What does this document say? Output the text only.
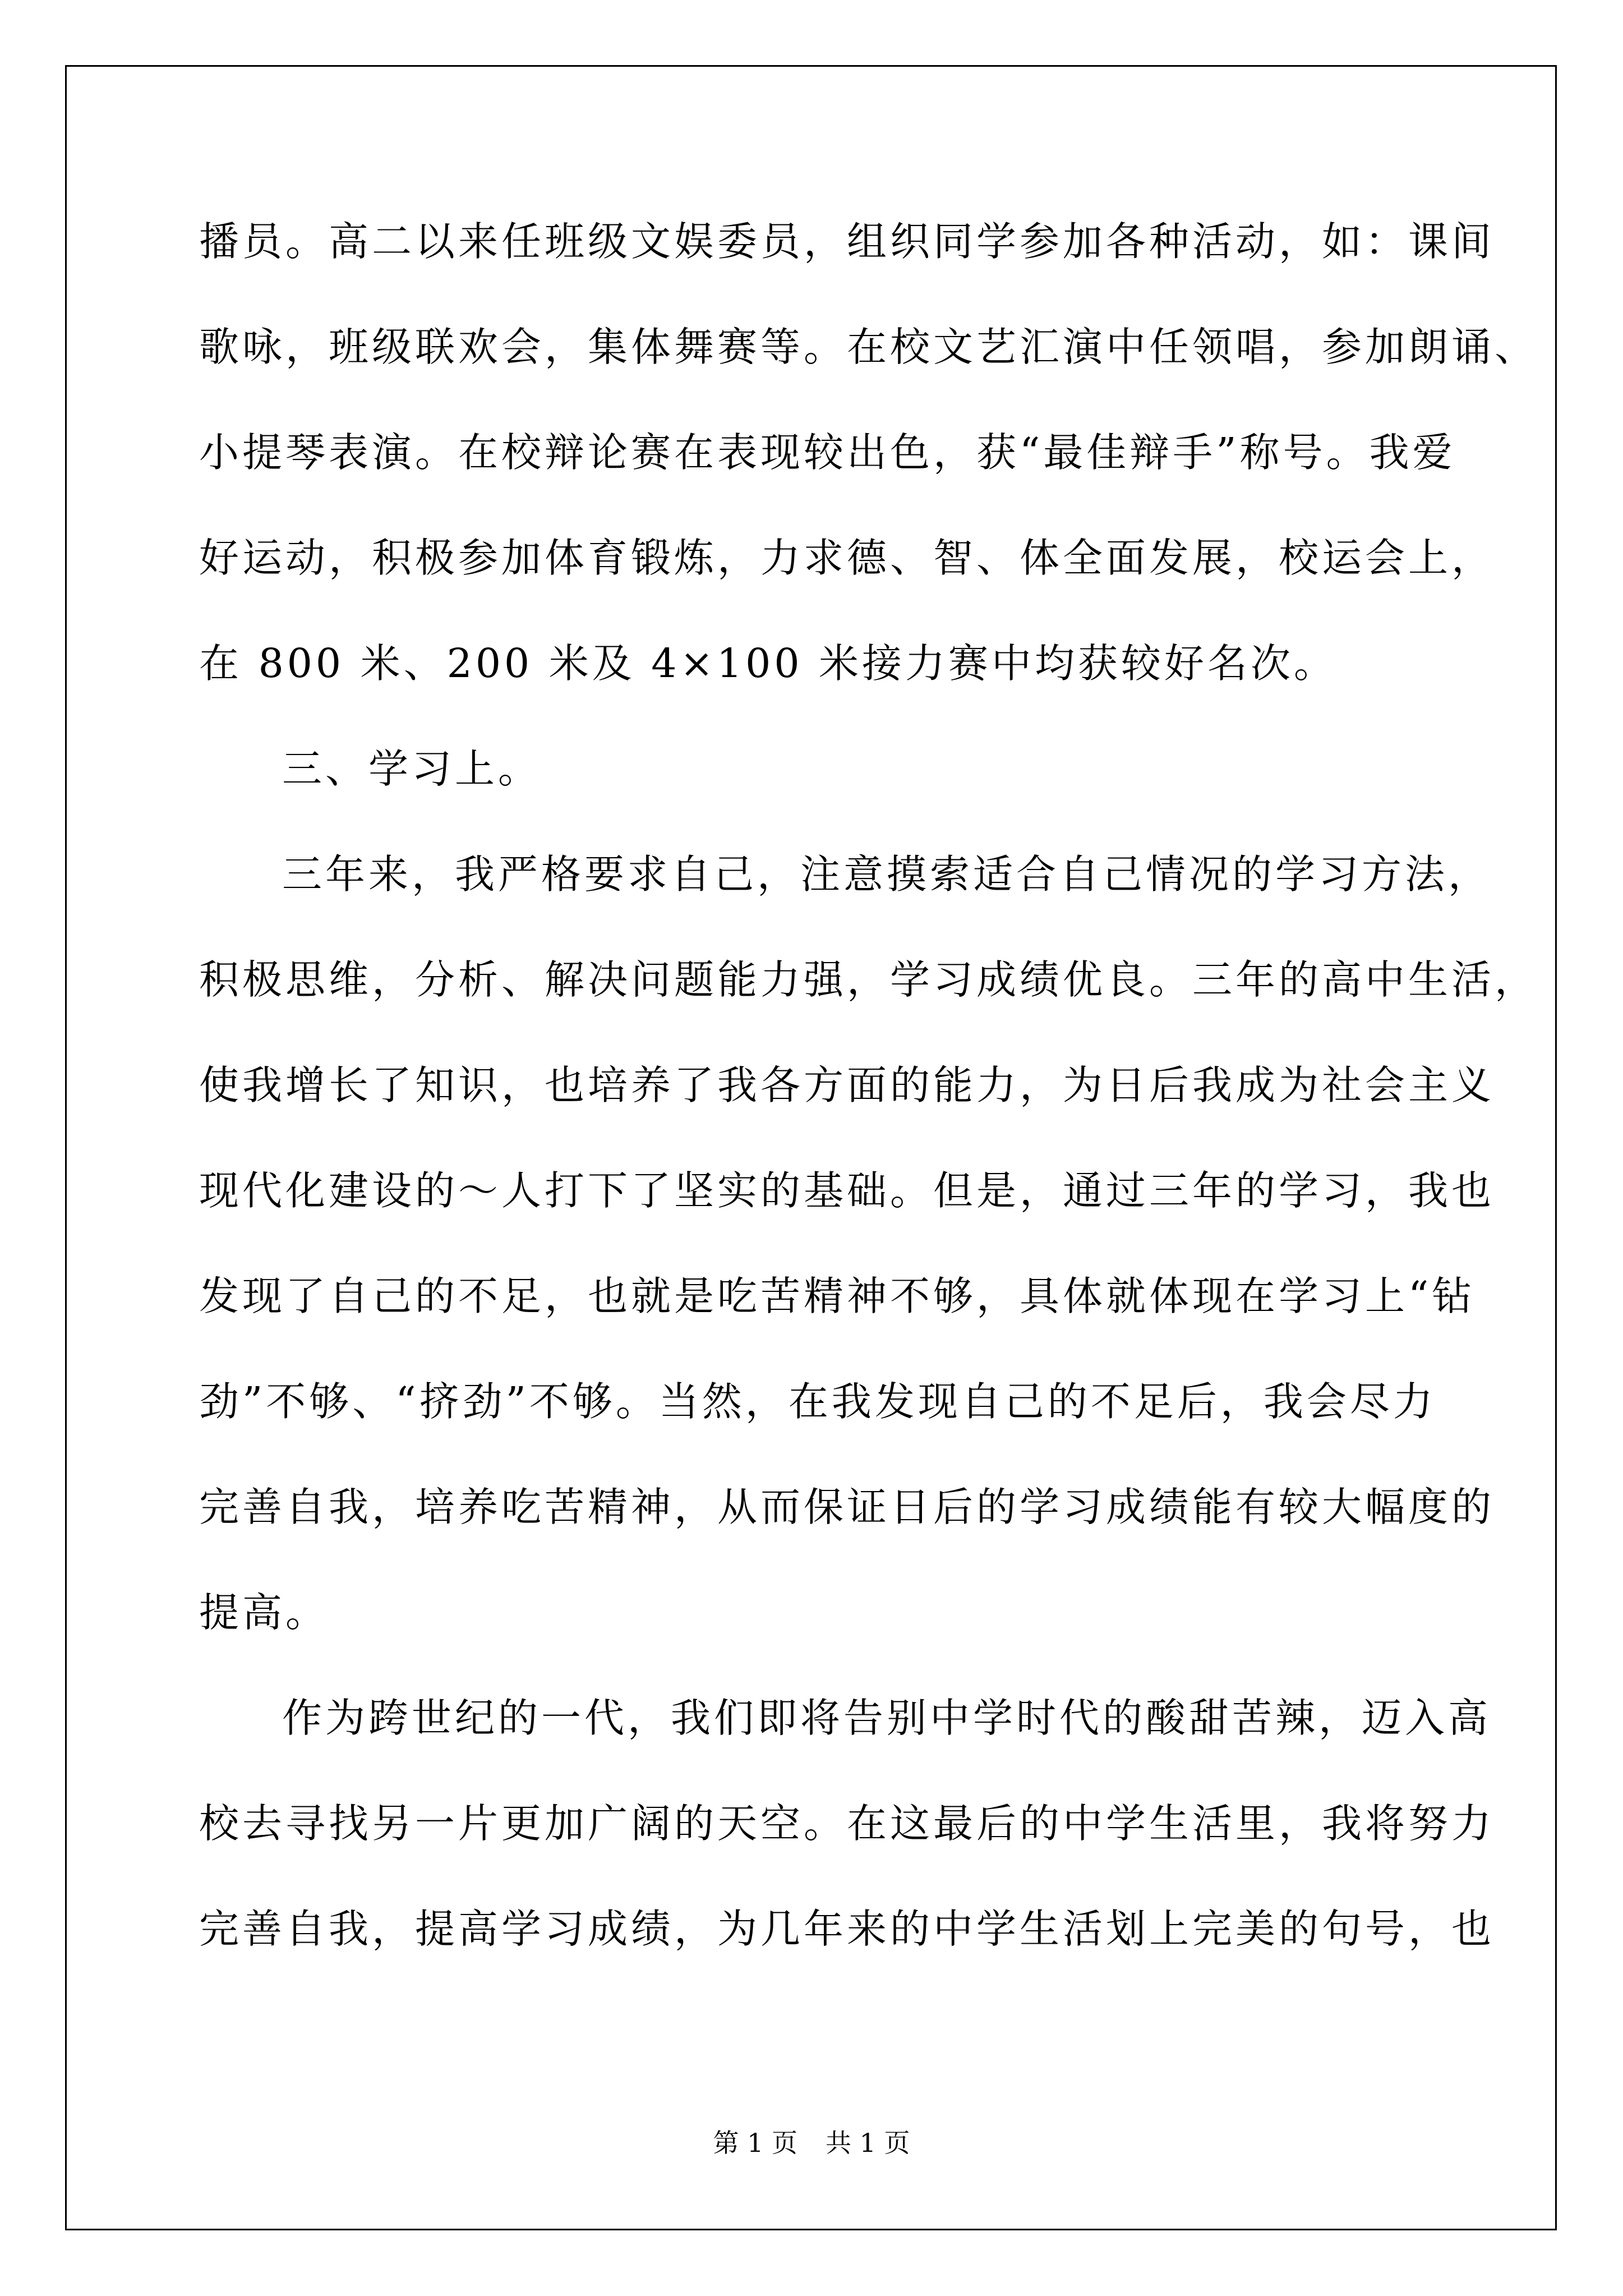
播员。高二以来任班级文娱委员，组织同学参加各种活动，如：课间
歌咏，班级联欢会，集体舞赛等。在校文艺汇演中任领唱，参加朗诵、
小提琴表演。在校辩论赛在表现较出色，获“最佳辩手”称号。我爱
好运动，积极参加体育锻炼，力求德、智、体全面发展，校运会上，
在 800 米、200 米及 4×100 米接力赛中均获较好名次。
三、学习上。
三年来，我严格要求自己，注意摸索适合自己情况的学习方法，
积极思维，分析、解决问题能力强，学习成绩优良。三年的高中生活，
使我增长了知识，也培养了我各方面的能力，为日后我成为社会主义
现代化建设的～人打下了坚实的基础。但是，通过三年的学习，我也
发现了自己的不足，也就是吃苦精神不够，具体就体现在学习上“钻
劲”不够、“挤劲”不够。当然，在我发现自己的不足后，我会尽力
完善自我，培养吃苦精神，从而保证日后的学习成绩能有较大幅度的
提高。
作为跨世纪的一代，我们即将告别中学时代的酸甜苦辣，迈入高
校去寻找另一片更加广阔的天空。在这最后的中学生活里，我将努力
完善自我，提高学习成绩，为几年来的中学生活划上完美的句号，也
第 1 页 共 1 页
